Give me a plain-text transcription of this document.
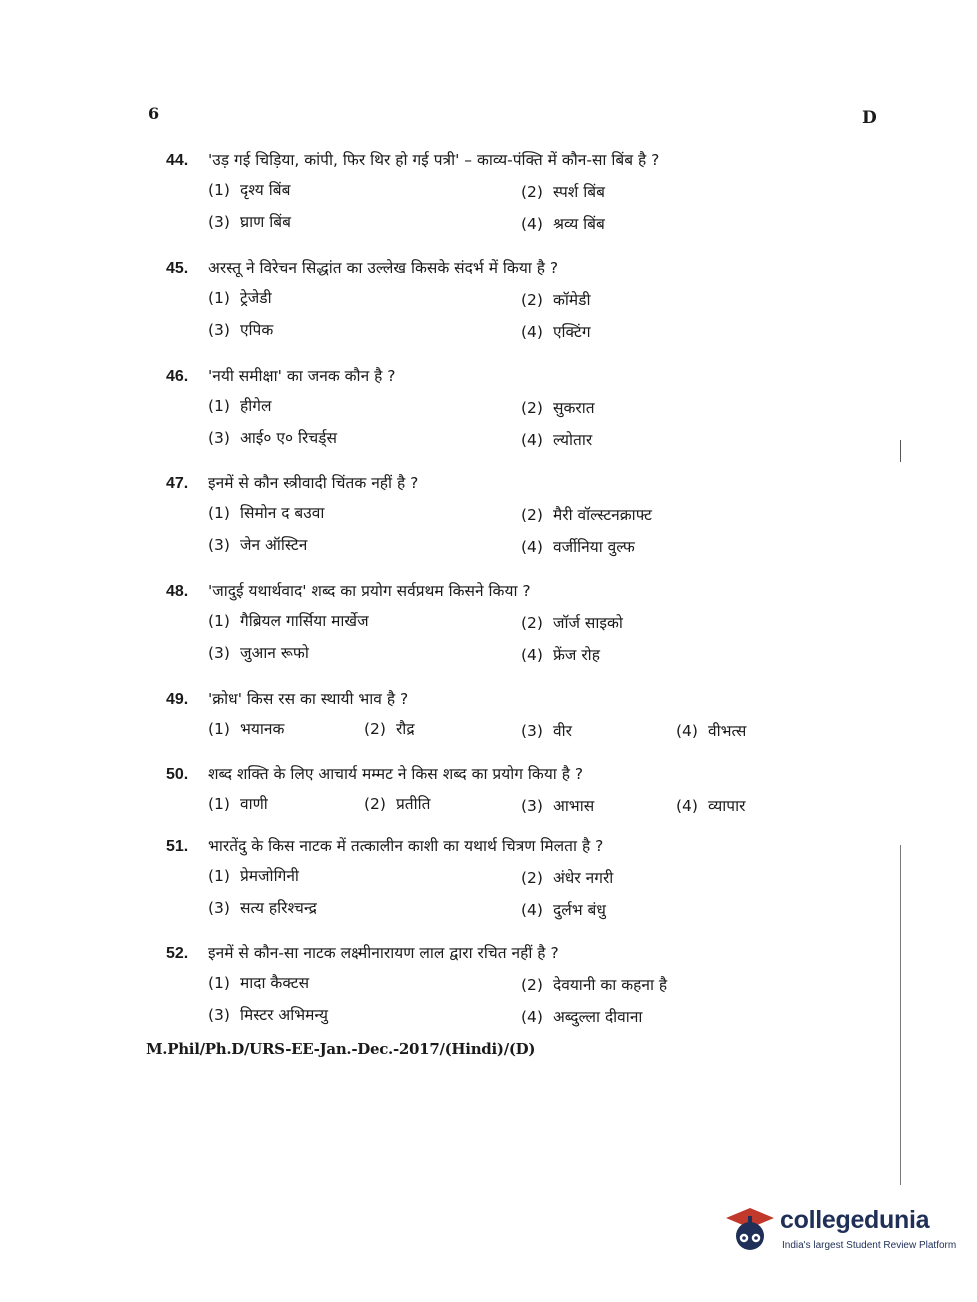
6	D
44.	'उड़ गई चिड़िया, कांपी, फिर थिर हो गई पत्री' – काव्य-पंक्ति में कौन-सा बिंब है ?
(1) दृश्य बिंब	(2) स्पर्श बिंब
(3) घ्राण बिंब	(4) श्रव्य बिंब
45.	अरस्तू ने विरेचन सिद्धांत का उल्लेख किसके संदर्भ में किया है ?
(1) ट्रेजेडी	(2) कॉमेडी
(3) एपिक	(4) एक्टिंग
46.	'नयी समीक्षा' का जनक कौन है ?
(1) हीगेल	(2) सुकरात
(3) आई० ए० रिचर्ड्स	(4) ल्योतार
47.	इनमें से कौन स्त्रीवादी चिंतक नहीं है ?
(1) सिमोन द बउवा	(2) मैरी वॉल्स्टनक्राफ्ट
(3) जेन ऑस्टिन	(4) वर्जीनिया वुल्फ
48.	'जादुई यथार्थवाद' शब्द का प्रयोग सर्वप्रथम किसने किया ?
(1) गैब्रियल गार्सिया मार्खेज	(2) जॉर्ज साइको
(3) जुआन रूफो	(4) फ्रेंज रोह
49.	'क्रोध' किस रस का स्थायी भाव है ?
(1) भयानक	(2) रौद्र	(3) वीर	(4) वीभत्स
50.	शब्द शक्ति के लिए आचार्य मम्मट ने किस शब्द का प्रयोग किया है ?
(1) वाणी	(2) प्रतीति	(3) आभास	(4) व्यापार
51.	भारतेंदु के किस नाटक में तत्कालीन काशी का यथार्थ चित्रण मिलता है ?
(1) प्रेमजोगिनी	(2) अंधेर नगरी
(3) सत्य हरिश्चन्द्र	(4) दुर्लभ बंधु
52.	इनमें से कौन-सा नाटक लक्ष्मीनारायण लाल द्वारा रचित नहीं है ?
(1) मादा कैक्टस	(2) देवयानी का कहना है
(3) मिस्टर अभिमन्यु	(4) अब्दुल्ला दीवाना
M.Phil/Ph.D/URS-EE-Jan.-Dec.-2017/(Hindi)/(D)
collegedunia
India's largest Student Review Platform
